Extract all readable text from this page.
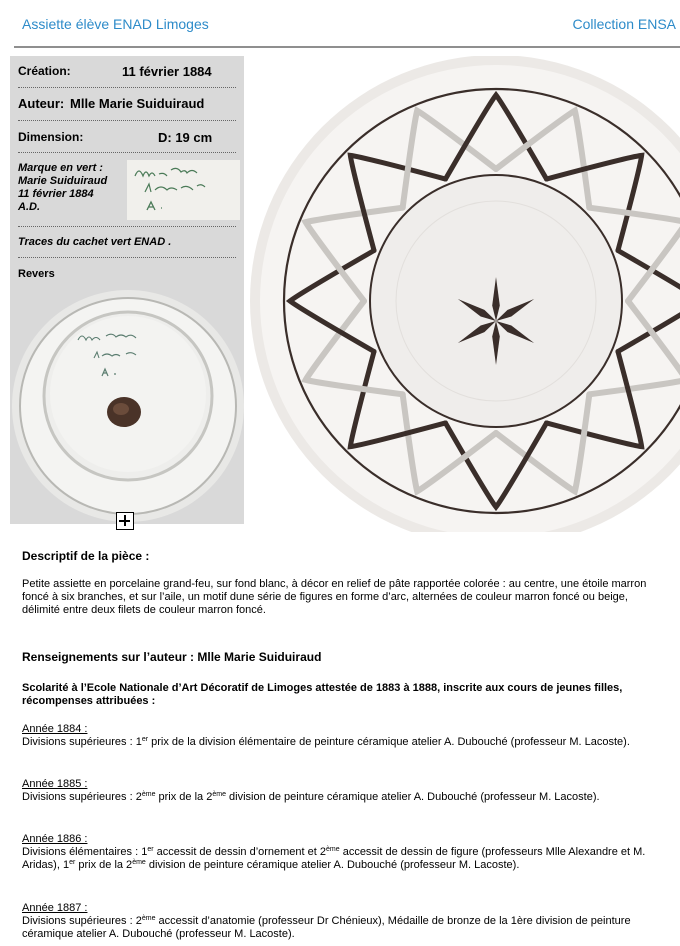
Assiette élève ENAD Limoges	Collection ENSA
Création:	11 février 1884
Auteur: Mlle Marie Suiduiraud
Dimension:	D: 19 cm
Marque en vert :
Marie Suiduiraud
11 février 1884
A.D.
Traces du cachet vert ENAD .
Revers
Descriptif de la pièce :
Petite assiette en porcelaine grand-feu, sur fond blanc, à décor en relief de pâte rapportée colorée : au centre, une étoile marron foncé à six branches, et sur l’aile, un motif dune série de figures en forme d’arc, alternées de couleur marron foncé ou beige, délimité entre deux filets de couleur marron foncé.
Renseignements sur l’auteur : Mlle Marie Suiduiraud
Scolarité à l’Ecole Nationale d’Art Décoratif de Limoges attestée de 1883 à 1888, inscrite aux cours de jeunes filles, récompenses attribuées :
Année 1884 :
Divisions supérieures : 1er prix de la division élémentaire de peinture céramique atelier A. Dubouché (professeur M. Lacoste).
Année 1885 :
Divisions supérieures : 2ème prix de la 2ème division de peinture céramique atelier A. Dubouché (professeur M. Lacoste).
Année 1886 :
Divisions élémentaires : 1er accessit de dessin d’ornement et 2ème accessit de dessin de figure (professeurs Mlle Alexandre et M. Aridas), 1er prix de la 2ème division de peinture céramique atelier A. Dubouché (professeur M. Lacoste).
Année 1887 :
Divisions supérieures : 2ème accessit d’anatomie (professeur Dr Chénieux), Médaille de bronze de la 1ère division de peinture céramique atelier A. Dubouché (professeur M. Lacoste).
